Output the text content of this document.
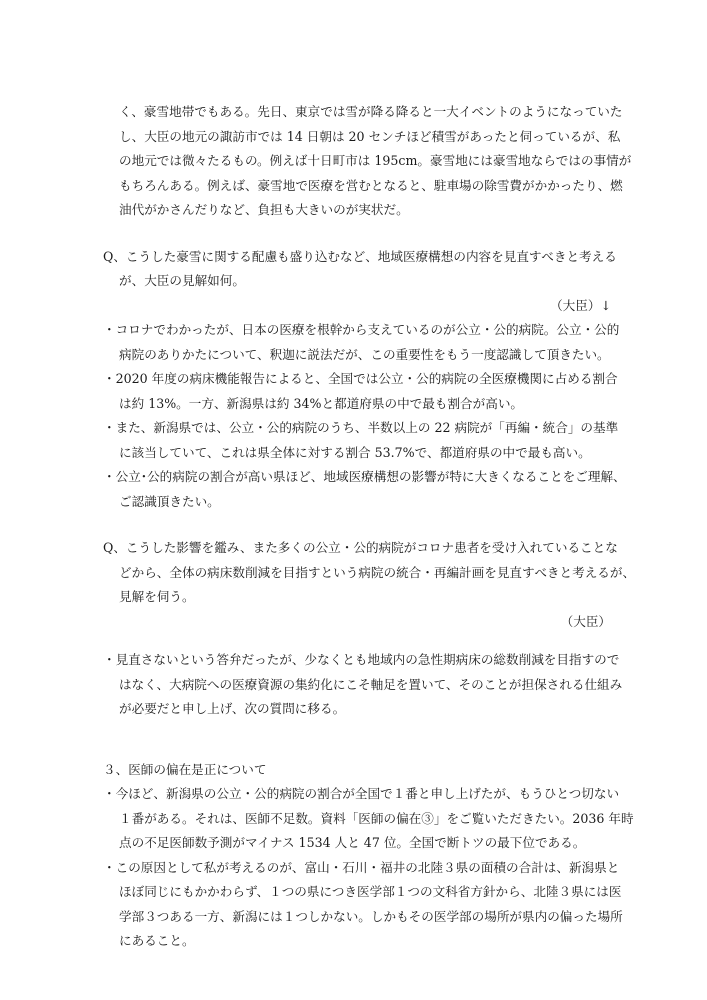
く、豪雪地帯でもある。先日、東京では雪が降る降ると一大イベントのようになっていた
し、大臣の地元の諏訪市では 14 日朝は 20 センチほど積雪があったと伺っているが、私
の地元では微々たるもの。例えば十日町市は 195cm。豪雪地には豪雪地ならではの事情が
もちろんある。例えば、豪雪地で医療を営むとなると、駐車場の除雪費がかかったり、燃
油代がかさんだりなど、負担も大きいのが実状だ。
Q、こうした豪雪に関する配慮も盛り込むなど、地域医療構想の内容を見直すべきと考える
が、大臣の見解如何。
（大臣）↓
・コロナでわかったが、日本の医療を根幹から支えているのが公立・公的病院。公立・公的
病院のありかたについて、釈迦に説法だが、この重要性をもう一度認識して頂きたい。
・2020 年度の病床機能報告によると、全国では公立・公的病院の全医療機関に占める割合
は約 13%。一方、新潟県は約 34%と都道府県の中で最も割合が高い。
・また、新潟県では、公立・公的病院のうち、半数以上の 22 病院が「再編・統合」の基準
に該当していて、これは県全体に対する割合 53.7%で、都道府県の中で最も高い。
・公立･公的病院の割合が高い県ほど、地域医療構想の影響が特に大きくなることをご理解、
ご認識頂きたい。
Q、こうした影響を鑑み、また多くの公立・公的病院がコロナ患者を受け入れていることな
どから、全体の病床数削減を目指すという病院の統合・再編計画を見直すべきと考えるが、
見解を伺う。
（大臣）
・見直さないという答弁だったが、少なくとも地域内の急性期病床の総数削減を目指すので
はなく、大病院への医療資源の集約化にこそ軸足を置いて、そのことが担保される仕組み
が必要だと申し上げ、次の質問に移る。
３、医師の偏在是正について
・今ほど、新潟県の公立・公的病院の割合が全国で１番と申し上げたが、もうひとつ切ない
１番がある。それは、医師不足数。資料「医師の偏在③」をご覧いただきたい。2036 年時
点の不足医師数予測がマイナス 1534 人と 47 位。全国で断トツの最下位である。
・この原因として私が考えるのが、富山・石川・福井の北陸３県の面積の合計は、新潟県と
ほぼ同じにもかかわらず、１つの県につき医学部１つの文科省方針から、北陸３県には医
学部３つある一方、新潟には１つしかない。しかもその医学部の場所が県内の偏った場所
にあること。
